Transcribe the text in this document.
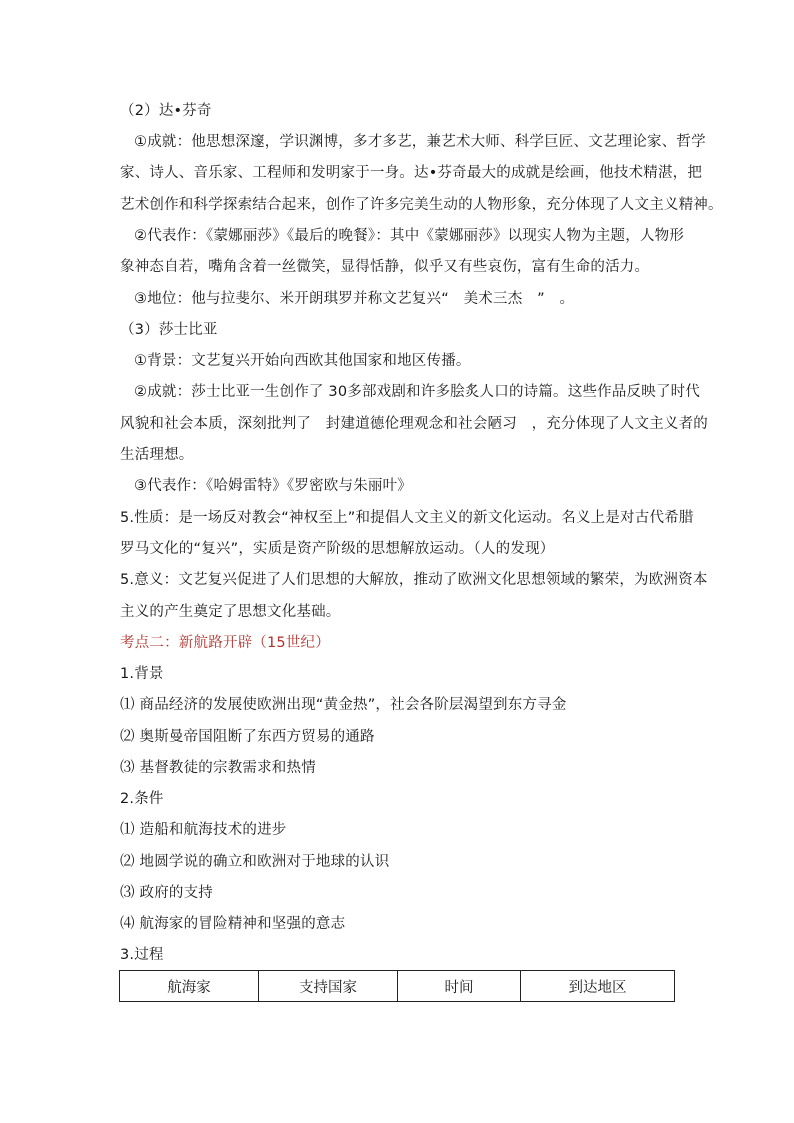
（2）达•芬奇
①成就：他思想深邃，学识渊博，多才多艺，兼艺术大师、科学巨匠、文艺理论家、哲学
家、诗人、音乐家、工程师和发明家于一身。达•芬奇最大的成就是绘画，他技术精湛，把
艺术创作和科学探索结合起来，创作了许多完美生动的人物形象，充分体现了人文主义精神。
②代表作：《蒙娜丽莎》《最后的晚餐》：其中《蒙娜丽莎》以现实人物为主题，人物形
象神态自若，嘴角含着一丝微笑，显得恬静，似乎又有些哀伤，富有生命的活力。
③地位：他与拉斐尔、米开朗琪罗并称文艺复兴“　美术三杰　”　。
（3）莎士比亚
①背景：文艺复兴开始向西欧其他国家和地区传播。
②成就：莎士比亚一生创作了 30多部戏剧和许多脍炙人口的诗篇。这些作品反映了时代
风貌和社会本质，深刻批判了　封建道德伦理观念和社会陋习　，充分体现了人文主义者的
生活理想。
③代表作：《哈姆雷特》《罗密欧与朱丽叶》
5.性质：是一场反对教会“神权至上”和提倡人文主义的新文化运动。名义上是对古代希腊
罗马文化的“复兴”，实质是资产阶级的思想解放运动。（人的发现）
5.意义：文艺复兴促进了人们思想的大解放，推动了欧洲文化思想领域的繁荣，为欧洲资本
主义的产生奠定了思想文化基础。
考点二：新航路开辟（15世纪）
1.背景
⑴ 商品经济的发展使欧洲出现“黄金热”，社会各阶层渴望到东方寻金
⑵ 奥斯曼帝国阻断了东西方贸易的通路
⑶ 基督教徒的宗教需求和热情
2.条件
⑴ 造船和航海技术的进步
⑵ 地圆学说的确立和欧洲对于地球的认识
⑶ 政府的支持
⑷ 航海家的冒险精神和坚强的意志
3.过程
航海家	支持国家	时间	到达地区
